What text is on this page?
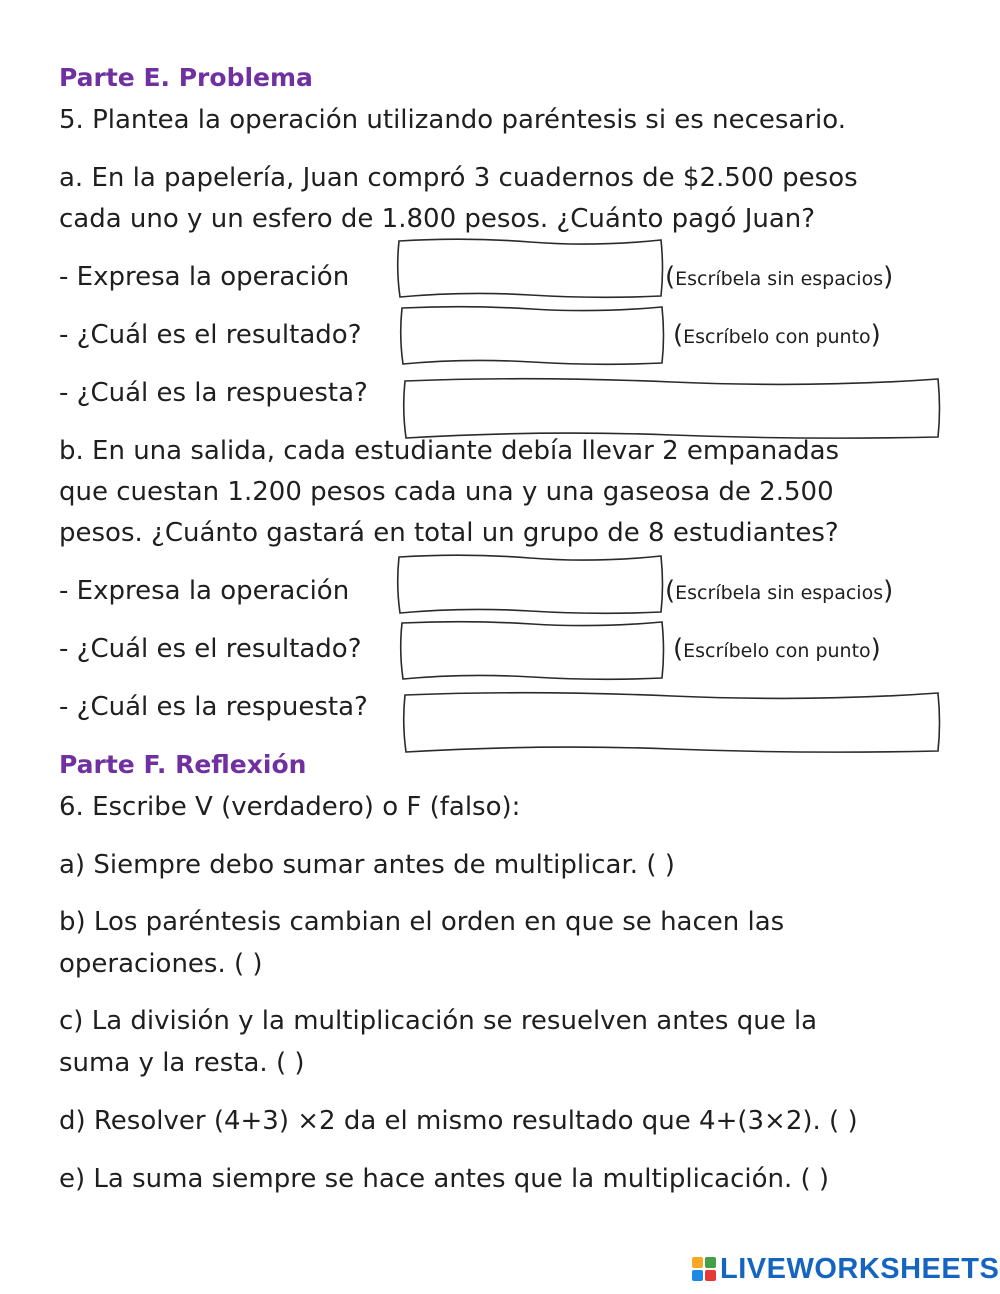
Parte E. Problema
5. Plantea la operación utilizando paréntesis si es necesario.
a. En la papelería, Juan compró 3 cuadernos de $2.500 pesos
cada uno y un esfero de 1.800 pesos. ¿Cuánto pagó Juan?
- Expresa la operación	(Escríbela sin espacios)
- ¿Cuál es el resultado?	(Escríbelo con punto)
- ¿Cuál es la respuesta?
b. En una salida, cada estudiante debía llevar 2 empanadas
que cuestan 1.200 pesos cada una y una gaseosa de 2.500
pesos. ¿Cuánto gastará en total un grupo de 8 estudiantes?
- Expresa la operación	(Escríbela sin espacios)
- ¿Cuál es el resultado?	(Escríbelo con punto)
- ¿Cuál es la respuesta?
Parte F. Reflexión
6. Escribe V (verdadero) o F (falso):
a) Siempre debo sumar antes de multiplicar. ( )
b) Los paréntesis cambian el orden en que se hacen las
operaciones. ( )
c) La división y la multiplicación se resuelven antes que la
suma y la resta. ( )
d) Resolver (4+3) ×2 da el mismo resultado que 4+(3×2). ( )
e) La suma siempre se hace antes que la multiplicación. ( )
LIVEWORKSHEETS
